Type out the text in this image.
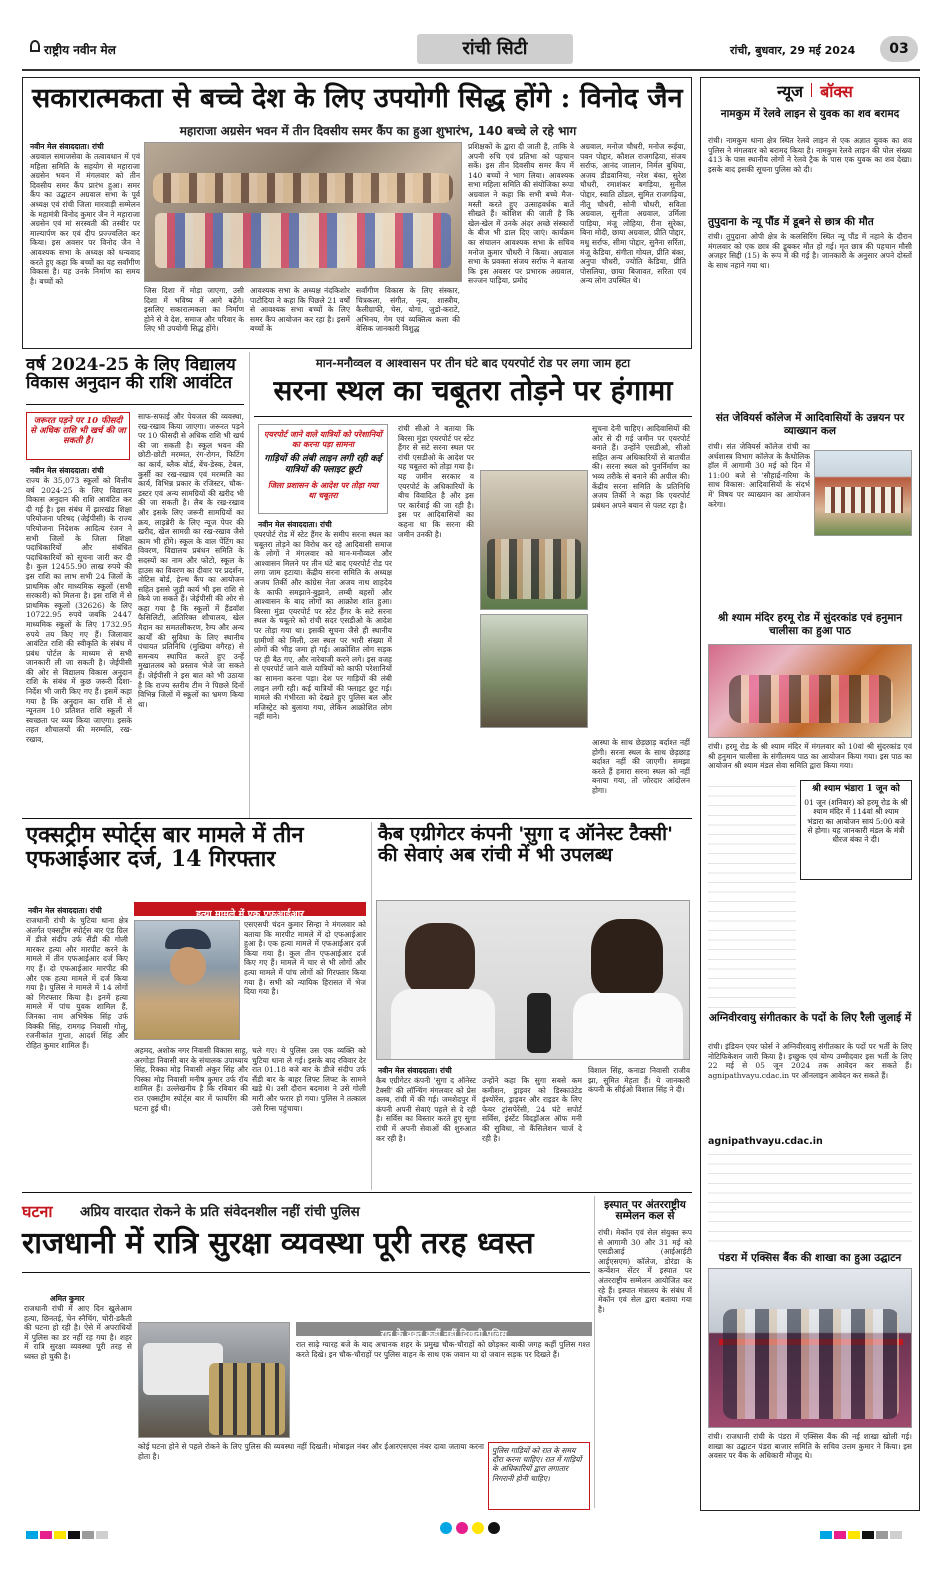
राष्ट्रीय नवीन मेल	रांची सिटी	रांची, बुधवार, 29 मई 2024	03
सकारात्मकता से बच्चे देश के लिए उपयोगी सिद्ध होंगे : विनोद जैन
महाराजा अग्रसेन भवन में तीन दिवसीय समर कैंप का हुआ शुभारंभ, 140 बच्चे ले रहे भाग
नवीन मेल संवाददाता। रांची
अग्रवाल समाजसेवा के तत्वावधान में एवं महिला समिति के सहयोग से महाराजा अग्रसेन भवन में मंगलवार को तीन दिवसीय समर कैंप प्रारंभ हुआ। समर कैंप का उद्घाटन अग्रवाल सभा के पूर्व अध्यक्ष एवं रांची जिला मारवाड़ी सम्मेलन के महामंत्री विनोद कुमार जैन ने महाराजा अग्रसेन एवं मां सरस्वती की तस्वीर पर माल्यार्पण कर एवं दीप प्रज्ज्वलित कर किया। इस अवसर पर विनोद जैन ने आवश्यक सभा के अध्यक्ष को धन्यवाद करते हुए कहा कि बच्चों का यह सर्वांगीण विकास है। यह उनके निर्माण का समय है। बच्चों को
जिस दिशा में मोड़ा जाएगा, उसी दिशा में भविष्य में आगे बढ़ेंगे। इसलिए सकारात्मकता का निर्माण होने से वे देश, समाज और परिवार के लिए भी उपयोगी सिद्ध होंगे।
आवश्यक सभा के अध्यक्ष नंदकिशोर पाटोदिया ने कहा कि पिछले 21 वर्षों से आवश्यक सभा बच्चों के लिए समर कैंप आयोजन कर रहा है। इसमें बच्चों के
सर्वांगीण विकास के लिए संस्कार, चित्रकला, संगीत, नृत्य, शास्त्रीय, कैलीग्राफी, चेस, योगा, जुडो-कराटे, अभिनय, गेम एवं व्यक्तित्व कला की बेसिक जानकारी विशुद्ध
प्रशिक्षकों के द्वारा दी जाती है, ताकि वे अपनी रुचि एवं प्रतिभा को पहचान सकें। इस तीन दिवसीय समर कैंप में 140 बच्चों ने भाग लिया। आवश्यक सभा महिला समिति की संयोजिका रूपा अग्रवाल ने कहा कि सभी बच्चे मैज-मस्ती करते हुए उत्साहवर्धक बातें सीखते हैं। कोशिश की जाती है कि खेल-खेल में उनके अंदर अच्छे संस्कारों के बीज भी डाल दिए जाएं। कार्यक्रम का संचालन आवश्यक सभा के सचिव मनोज कुमार चौधरी ने किया। अग्रवाल सभा के प्रवक्ता संजय सर्राफ ने बताया कि इस अवसर पर प्रभारक अग्रवाल, सज्जन पाड़िया, प्रमोद
अग्रवाल, मनोज चौधरी, मनोज रूईया, पवन पोद्दार, कौशल राजगढ़िया, संजय सर्राफ, आनंद जालान, निर्मल बुधिया, अजय डीडवानिया, नरेश बंका, सुरेश चौधरी, रमाशंकर बगड़िया, सुनील पोद्दार, स्वाति ठोंडल, सुमित राजगढ़िया, नीतू चौधरी, सोनी चौधरी, सविता अग्रवाल, सुनीता अग्रवाल, उर्मिला पाड़िया, मंजू लोहिया, रीना सुरेका, बिना मोदी, छाया अग्रवाल, प्रीति पोद्दार, मधु सर्राफ, सीमा पोद्दार, सुनैना सर्रिता, मंजू केडिया, संगीता गोयल, प्रीति बंका, अनुपा चौधरी, ज्योति केडिया, प्रीति पोसलिया, छाया बिजावत, सरिता एवं अन्य लोग उपस्थित थे।
वर्ष 2024-25 के लिए विद्यालय विकास अनुदान की राशि आवंटित
जरूरत पड़ने पर 10 फीसदी से अधिक राशि भी खर्च की जा सकती है।
नवीन मेल संवाददाता। रांची
राज्य के 35,073 स्कूलों को वित्तीय वर्ष 2024-25 के लिए विद्यालय विकास अनुदान की राशि आवंटित कर दी गई है। इस संबंध में झारखंड शिक्षा परियोजना परिषद (जेईपीसी) के राज्य परियोजना निदेशक आदित्य रंजन ने सभी जिलों के जिला शिक्षा पदाधिकारियों और संबंधित पदाधिकारियों को सूचना जारी कर दी है। कुल 12455.90 लाख रुपये की इस राशि का लाभ सभी 24 जिलों के प्राथमिक और माध्यमिक स्कूलों (सभी सरकारी) को मिलना है। इस राशि में से प्राथमिक स्कूलों (32626) के लिए 10722.95 रुपये जबकि 2447 माध्यमिक स्कूलों के लिए 1732.95 रुपये तय किए गए हैं। जिलावार आवंटित राशि की स्वीकृति के संबंध में प्रबंध पोर्टल के माध्यम से सभी जानकारी ली जा सकती है। जेईपीसी की ओर से विद्यालय विकास अनुदान राशि के संबंध में कुछ जरूरी दिशा-निर्देश भी जारी किए गए हैं। इसमें कहा गया है कि अनुदान का राशि में से न्यूनतम 10 प्रतिशत राशि स्कूली में स्वच्छता पर व्यय किया जाएगा। इसके तहत शौचालयों की मरम्मति, रख-रखाव,
साफ-सफाई और पेयजल की व्यवस्था, रख-रखाव किया जाएगा। जरूरत पड़ने पर 10 फीसदी से अधिक राशि भी खर्च की जा सकती है। स्कूल भवन की छोटी-छोटी मरम्मत, रंग-रोगन, फिटिंग का कार्य, ब्लैक बोर्ड, बेंच-डेस्क, टेबल, कुर्सी का रख-रखाव एवं मरम्मति का कार्य, विभिन्न प्रकार के रजिस्टर, चौक-डस्टर एवं अन्य सामग्रियों की खरीद भी की जा सकती है। लैब के रख-रखाव और इसके लिए जरूरी सामग्रियों का क्रय, लाइब्रेरी के लिए न्यूज पेपर की खरीद, खेल सामग्री का रख-रखाव जैसे काम भी होंगे। स्कूल के वाल पेंटिंग का विवरण, विद्यालय प्रबंधन समिति के सदस्यों का नाम और फोटो, स्कूल के हाउस का विवरण का दीवार पर प्रदर्शन, नोटिस बोर्ड, हेल्थ कैंप का आयोजन सहित इससे जुड़ी कार्य भी इस राशि से किये जा सकते हैं। जेईपीसी की ओर से कहा गया है कि स्कूलों में हैंडवॉश फैसिलिटी, अतिरिक्त शौचालय, खेल मैदान का समतलीकरण, रैम्प और अन्य कार्यों की सुविधा के लिए स्थानीय पंचायत प्रतिनिधि (मुखिया वगैरह) से समन्वय स्थापित करते हुए उन्हें मुखातलब को प्रस्ताव भेजे जा सकते हैं। जेईपीसी ने इस बात को भी उठाया है कि राज्य स्तरीय टीम ने पिछले दिनों विभिन्न जिलों में स्कूलों का भ्रमण किया था।
मान-मनौव्वल व आश्वासन पर तीन घंटे बाद एयरपोर्ट रोड पर लगा जाम हटा
सरना स्थल का चबूतरा तोड़ने पर हंगामा
एयरपोर्ट जाने वाले यात्रियों को परेशानियों का करना पड़ा सामना
गाड़ियों की लंबी लाइन लगी रही कई यात्रियों की फ्लाइट छूटी
जिला प्रशासन के आदेश पर तोड़ा गया था चबूतरा
नवीन मेल संवाददाता। रांची
एयरपोर्ट रोड में स्टेट हैंगर के समीप सरना स्थल का चबूतरा तोड़ने का विरोध कर रहे आदिवासी समाज के लोगों ने मंगलवार को मान-मनौव्वल और आश्वासन मिलने पर तीन घंटे बाद एयरपोर्ट रोड पर लगा जाम हटाया। केंद्रीय सरना समिति के अध्यक्ष अजय तिर्की और कांग्रेस नेता अजय नाथ शाहदेव के काफी समझाने-बुझाने, लम्बी बहसों और आश्वासन के बाद लोगों का आक्रोश शांत हुआ। बिरसा मुंडा एयरपोर्ट पर स्टेट हैंगर के सटे सरना स्थल के चबूतरे को रांची सदर एसडीओ के आदेश पर तोड़ा गया था। इसकी सूचना जैसे ही स्थानीय ग्रामीणों को मिली, उस स्थल पर भारी संख्या में लोगों की भीड़ जमा हो गई। आक्रोशित लोग सड़क पर ही बैठ गए, और नारेबाजी करने लगे। इस वजह से एयरपोर्ट जाने वाले यात्रियों को काफी परेशानियों का सामना करना पड़ा। देश पर गाड़ियों की लंबी लाइन लगी रही। कई यात्रियों की फ्लाइट छूट गई। मामले की गंभीरता को देखते हुए पुलिस बल और मजिस्ट्रेट को बुलाया गया, लेकिन आक्रोशित लोग नहीं माने।
रांची सीओ ने बताया कि बिरसा मुंडा एयरपोर्ट पर स्टेट हैंगर से सटे सरना स्थल पर रांची एसडीओ के आदेश पर यह चबूतरा को तोड़ा गया है। यह जमीन सरकार व एयरपोर्ट के अधिकारियों के बीच विवादित है और इस पर कार्रवाई की जा रही है। इस पर आदिवासियों का कहना था कि सरना की जमीन उनकी है।
सूचना देनी चाहिए। आदिवासियों की ओर से दी गई जमीन पर एयरपोर्ट बनाते हैं। उन्होंने एसडीओ, सीओ सहित अन्य अधिकारियों से बातचीत की। सरना स्थल को पुनर्निर्माण का भव्य तरीके से बनाने की अपील की। केंद्रीय सरना समिति के प्रतिनिधि अजय तिर्की ने कहा कि एयरपोर्ट प्रबंधन अपने बयान से पलट रहा है।
आस्था के साथ छेड़छाड़ बर्दाश्त नहीं होगी। सरना स्थल के साथ छेड़छाड़ बर्दाश्त नहीं की जाएगी। समझा करते हैं हमारा सरना स्थल को नहीं बनाया गया, तो जोरदार आंदोलन होगा।
एक्सट्रीम स्पोर्ट्स बार मामले में तीन एफआईआर दर्ज, 14 गिरफ्तार
नवीन मेल संवाददाता। रांची
राजधानी रांची के चुटिया थाना क्षेत्र अंतर्गत एक्सट्रीम स्पोर्ट्स बार एंड ग्रिल में डीजे संदीप उर्फ सैंडी की गोली मारकर हत्या और मारपीट करने के मामले में तीन एफआईआर दर्ज किए गए हैं। दो एफआईआर मारपीट की और एक हत्या मामले में दर्ज किया गया है। पुलिस ने मामले में 14 लोगों को गिरफ्तार किया है। इनमें हत्या मामले में पांच युवक शामिल हैं, जिनका नाम अभिषेक सिंह उर्फ विक्की सिंह, रामगढ़ निवासी गोलू, रजनीकांत गुप्ता, आदर्श सिंह और रोहित कुमार शामिल हैं।
हत्या मामले में एक एफआईआर
एसएसपी चंदन कुमार सिन्हा ने मंगलवार को बताया कि मारपीट मामले में दो एफआईआर हुआ है। एक हत्या मामले में एफआईआर दर्ज किया गया है। कुल तीन एफआईआर दर्ज किए गए हैं। मामले में चार से भी लोगों और हत्या मामले में पांच लोगों को गिरफ्तार किया गया है। सभी को न्यायिक हिरासत में भेज दिया गया है।
अहमद, अशोक नगर निवासी विकास साहू, अरगोड़ा निवासी बार के संचालक उपाध्याय सिंह, रिक्का मोड़ निवासी अंकुर सिंह और पिस्का मोड़ निवासी मनीष कुमार उर्फ रॉय शामिल हैं। उल्लेखनीय है कि रविवार की रात एक्सट्रीम स्पोर्ट्स बार में फायरिंग की घटना हुई थी।
चले गए। ये पुलिस उस एक व्यक्ति को चुटिया थाना ले गई। इसके बाद रविवार देर रात 01.18 बजे बार के डीजे संदीप उर्फ सैंडी बार के बाहर लिफ्ट लिफ्ट के सामने खड़े थे। उसी दौरान बदमाश ने उसे गोली मारी और फरार हो गया। पुलिस ने तत्काल उसे रिम्स पहुंचाया।
कैब एग्रीगेटर कंपनी 'सुगा द ऑनेस्ट टैक्सी' की सेवाएं अब रांची में भी उपलब्ध
नवीन मेल संवाददाता। रांची
कैब एग्रीगेटर कंपनी 'सुगा द ऑनेस्ट टैक्सी' की लॉन्चिंग मंगलवार को प्रेस क्लब, रांची में की गई। जमशेदपुर में कंपनी अपनी सेवाएं पहले से दे रही है। सर्विस का विस्तार करते हुए सुगा रांची में अपनी सेवाओं की शुरुआत कर रही है।
उन्होंने कहा कि सुगा सबसे कम कमीशन, ड्राइवर को डिस्काउंटेड इंश्योरेंस, ड्राइवर और राइडर के लिए फेयर ट्रांसपेरेंसी, 24 घंटे सपोर्ट सर्विस, इंस्टेंट विदड्रॉअल ऑफ मनी की सुविधा, नो कैंसिलेशन चार्ज दे रही है।
विशाल सिंह, कनाडा निवासी राजीव झा, सुमित मेहता हैं। ये जानकारी कंपनी के सीईओ विशाल सिंह ने दी।
घटना	अप्रिय वारदात रोकने के प्रति संवेदनशील नहीं रांची पुलिस
राजधानी में रात्रि सुरक्षा व्यवस्था पूरी तरह ध्वस्त
अमित कुमार
राजधानी रांची में आए दिन खुलेआम हत्या, छिनतई, चेन स्नैचिंग, चोरी-डकैती की घटना हो रही है। ऐसे में अपराधियों में पुलिस का डर नहीं रह गया है। शहर में रात्रि सुरक्षा व्यवस्था पूरी तरह से ध्वस्त हो चुकी है।
रात के वक्त कहीं नहीं दिखती पुलिस
रात साढ़े ग्यारह बजे के बाद अचानक शहर के प्रमुख चौक-चौराहों को छोड़कर बाकी जगह कहीं पुलिस गश्त करते दिखे। इन चौक-चौराहों पर पुलिस वाहन के साथ एक जवान या दो जवान सड़क पर दिखते हैं।
कोई घटना होने से पहले रोकने के लिए पुलिस की व्यवस्था नहीं दिखती। मोबाइल नंबर और ईआरएसएस नंबर दावा जताया करना होता है।
पुलिस गाड़ियों को रात के समय दौरा करना चाहिए। रात में गाड़ियों के अधिकारियों द्वारा लगातार निगरानी होनी चाहिए।
इस्पात पर अंतरराष्ट्रीय सम्मेलन कल से
रांची। मेकॉन एवं सेल संयुक्त रूप से आगामी 30 और 31 मई को एसडीआई (आईआईटी आईएसएम) कॉलेज, डोरंडा के कन्वेंशन सेंटर में इस्पात पर अंतरराष्ट्रीय सम्मेलन आयोजित कर रहे हैं। इस्पात मंत्रालय के संबंध में मेकॉन एवं सेल द्वारा बताया गया है।
न्यूज बॉक्स
नामकुम में रेलवे लाइन से युवक का शव बरामद
रांची। नामकुम थाना क्षेत्र स्थित रेलवे लाइन से एक अज्ञात युवक का शव पुलिस ने मंगलवार को बरामद किया है। नामकुम रेलवे लाइन की पोल संख्या 413 के पास स्थानीय लोगों ने रेलवे ट्रैक के पास एक युवक का शव देखा। इसके बाद इसकी सूचना पुलिस को दी।
तुपुदाना के न्यू पौंड में डूबने से छात्र की मौत
रांची। तुपुदाना ओपी क्षेत्र के कलसिरिंग स्थित न्यू पौंड में नहाने के दौरान मंगलवार को एक छात्र की डूबकर मौत हो गई। मृत छात्र की पहचान मौसी अजहर सिद्दी (15) के रूप में की गई है। जानकारी के अनुसार अपने दोस्तों के साथ नहाने गया था।
संत जेवियर्स कॉलेज में आदिवासियों के उन्नयन पर व्याख्यान कल
रांची। संत जेवियर्स कॉलेज रांची का अर्थशास्त्र विभाग कॉलेज के कैथोलिक हॉल में आगामी 30 मई को दिन में 11:00 बजे से 'सौहार्द्र-गरिमा के साथ विकास: आदिवासियों के संदर्भ में' विषय पर व्याख्यान का आयोजन करेगा।
श्री श्याम मंदिर हरमू रोड में सुंदरकांड एवं हनुमान चालीसा का हुआ पाठ
रांची। हरमू रोड के श्री श्याम मंदिर में मंगलवार को 10वां श्री सुंदरकांड एवं श्री हनुमान चालीसा के संगीतमय पाठ का आयोजन किया गया। इस पाठ का आयोजन श्री श्याम मंडल सेवा समिति द्वारा किया गया।
श्री श्याम भंडारा 1 जून को
01 जून (शनिवार) को हरमू रोड के श्री श्याम मंदिर में 114वां श्री श्याम भंडारा का आयोजन सायं 5:00 बजे से होगा। यह जानकारी मंडल के मंत्री धीरज बंका ने दी।
अग्निवीरवायु संगीतकार के पदों के लिए रैली जुलाई में
रांची। इंडियन एयर फोर्स ने अग्निवीरवायु संगीतकार के पदों पर भर्ती के लिए नोटिफिकेशन जारी किया है। इच्छुक एवं योग्य उम्मीदवार इस भर्ती के लिए 22 मई से 05 जून 2024 तक आवेदन कर सकते हैं। agnipathvayu.cdac.in पर ऑनलाइन आवेदन कर सकते हैं।
agnipathvayu.cdac.in
पंडरा में एक्सिस बैंक की शाखा का हुआ उद्घाटन
रांची। राजधानी रांची के पंडरा में एक्सिस बैंक की नई शाखा खोली गई। शाखा का उद्घाटन पंडरा बाजार समिति के सचिव उत्तम कुमार ने किया। इस अवसर पर बैंक के अधिकारी मौजूद थे।
